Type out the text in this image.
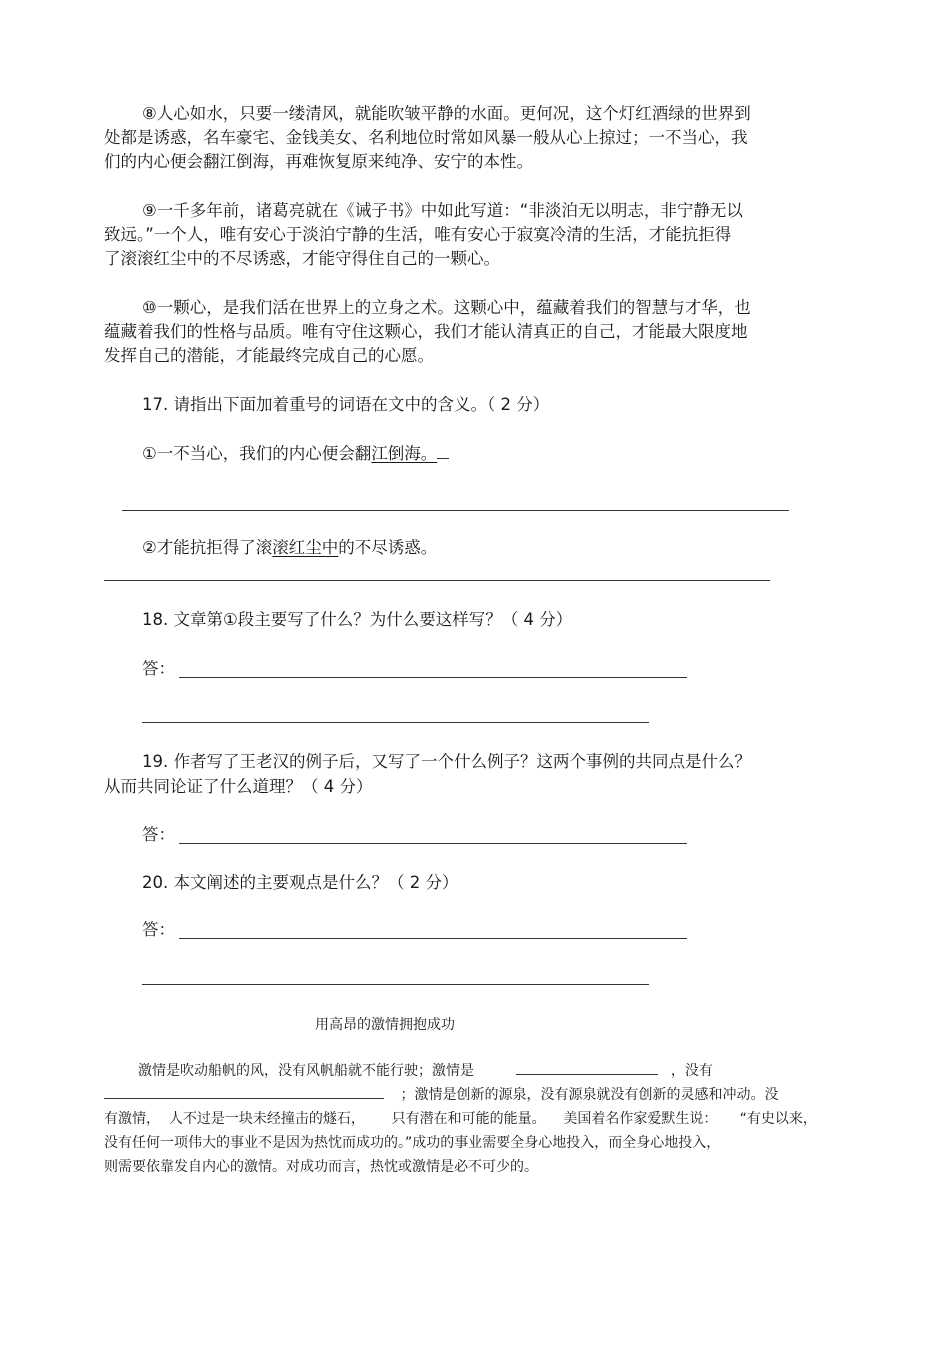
⑧人心如水，只要一缕清风，就能吹皱平静的水面。更何况，这个灯红酒绿的世界到
处都是诱惑，名车豪宅、金钱美女、名利地位时常如风暴一般从心上掠过；一不当心，我
们的内心便会翻江倒海，再难恢复原来纯净、安宁的本性。
⑨一千多年前，诸葛亮就在《诫子书》中如此写道：“非淡泊无以明志，非宁静无以
致远。”一个人，唯有安心于淡泊宁静的生活，唯有安心于寂寞冷清的生活，才能抗拒得
了滚滚红尘中的不尽诱惑，才能守得住自己的一颗心。
⑩一颗心，是我们活在世界上的立身之术。这颗心中，蕴藏着我们的智慧与才华，也
蕴藏着我们的性格与品质。唯有守住这颗心，我们才能认清真正的自己，才能最大限度地
发挥自己的潜能，才能最终完成自己的心愿。
17. 请指出下面加着重号的词语在文中的含义。（ 2 分）
①一不当心，我们的内心便会翻江倒海。
②才能抗拒得了滚滚红尘中的不尽诱惑。
18. 文章第①段主要写了什么？为什么要这样写？（ 4 分）
答：
19. 作者写了王老汉的例子后，又写了一个什么例子？这两个事例的共同点是什么？
从而共同论证了什么道理？（ 4 分）
答：
20. 本文阐述的主要观点是什么？（ 2 分）
答：
用高昂的激情拥抱成功
激情是吹动船帆的风，没有风帆船就不能行驶；激情是	，没有
；激情是创新的源泉，没有源泉就没有创新的灵感和冲动。没
有激情，  人不过是一块未经撞击的燧石，      只有潜在和可能的能量。    美国着名作家爱默生说：     “有史以来，
没有任何一项伟大的事业不是因为热忱而成功的。”成功的事业需要全身心地投入，而全身心地投入，
则需要依靠发自内心的激情。对成功而言，热忱或激情是必不可少的。
